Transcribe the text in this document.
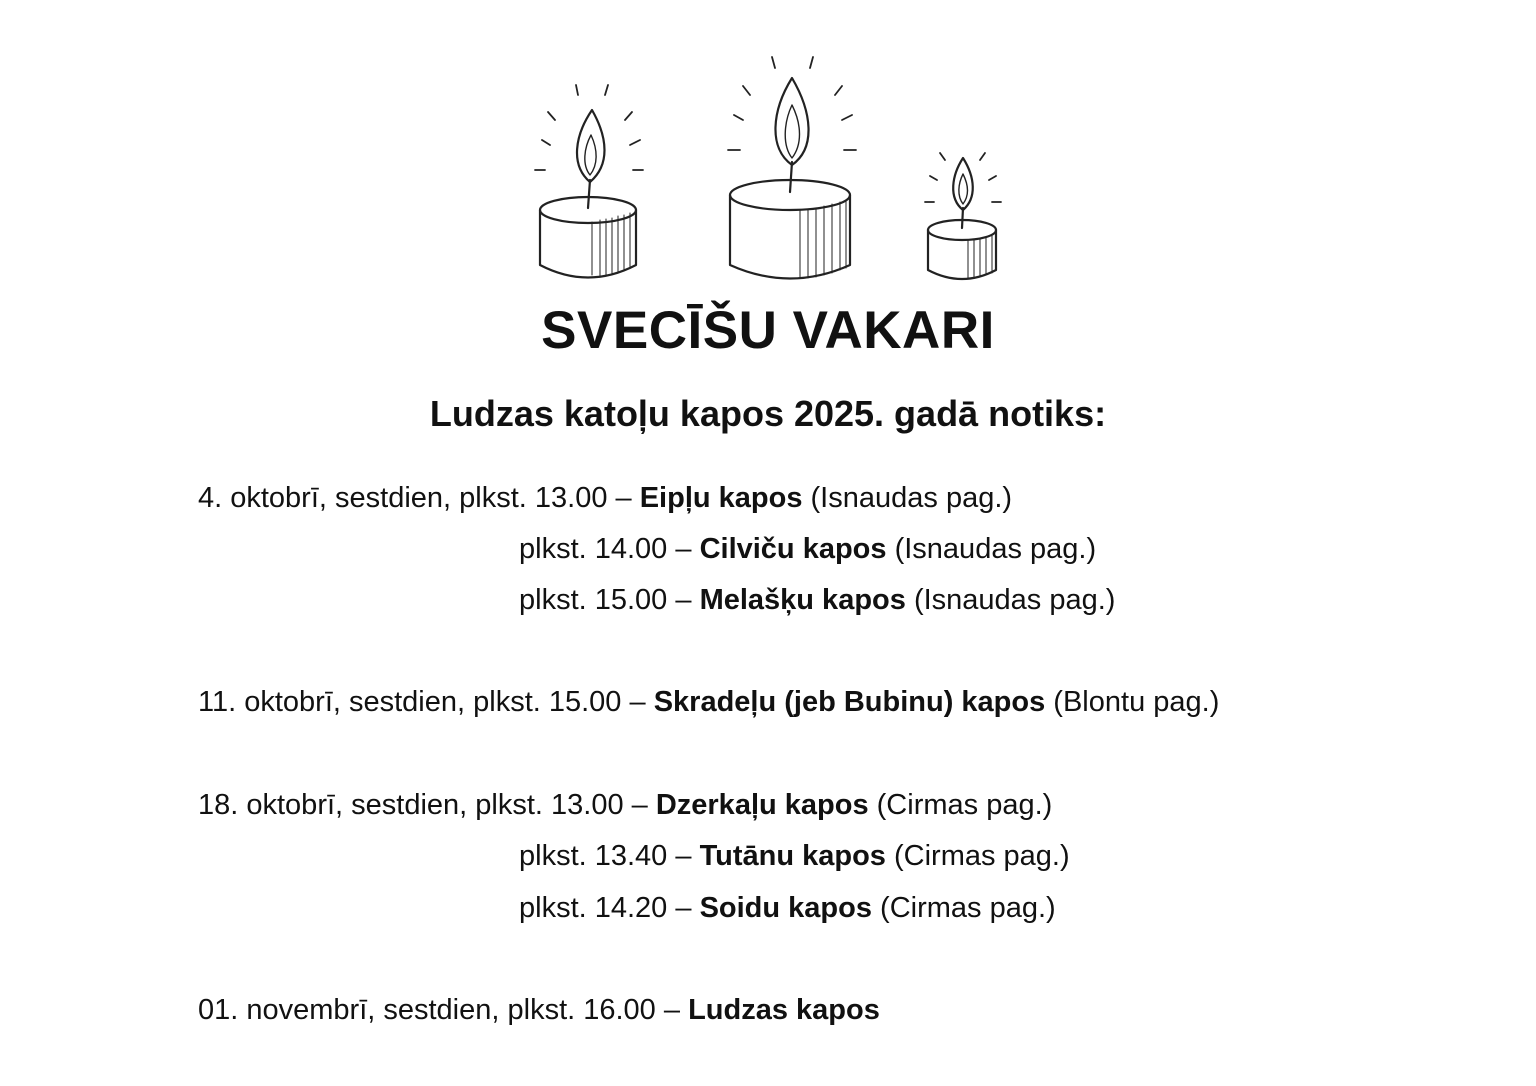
SVECĪŠU VAKARI
Ludzas katoļu kapos 2025. gadā notiks:
4. oktobrī, sestdien, plkst. 13.00 – Eipļu kapos (Isnaudas pag.)
plkst. 14.00 – Cilviču kapos (Isnaudas pag.)
plkst. 15.00 – Melašķu kapos (Isnaudas pag.)
11. oktobrī, sestdien, plkst. 15.00 – Skradeļu (jeb Bubinu) kapos (Blontu pag.)
18. oktobrī, sestdien, plkst. 13.00 – Dzerkaļu kapos (Cirmas pag.)
plkst. 13.40 – Tutānu kapos (Cirmas pag.)
plkst. 14.20 – Soidu kapos (Cirmas pag.)
01. novembrī, sestdien, plkst. 16.00 – Ludzas kapos
